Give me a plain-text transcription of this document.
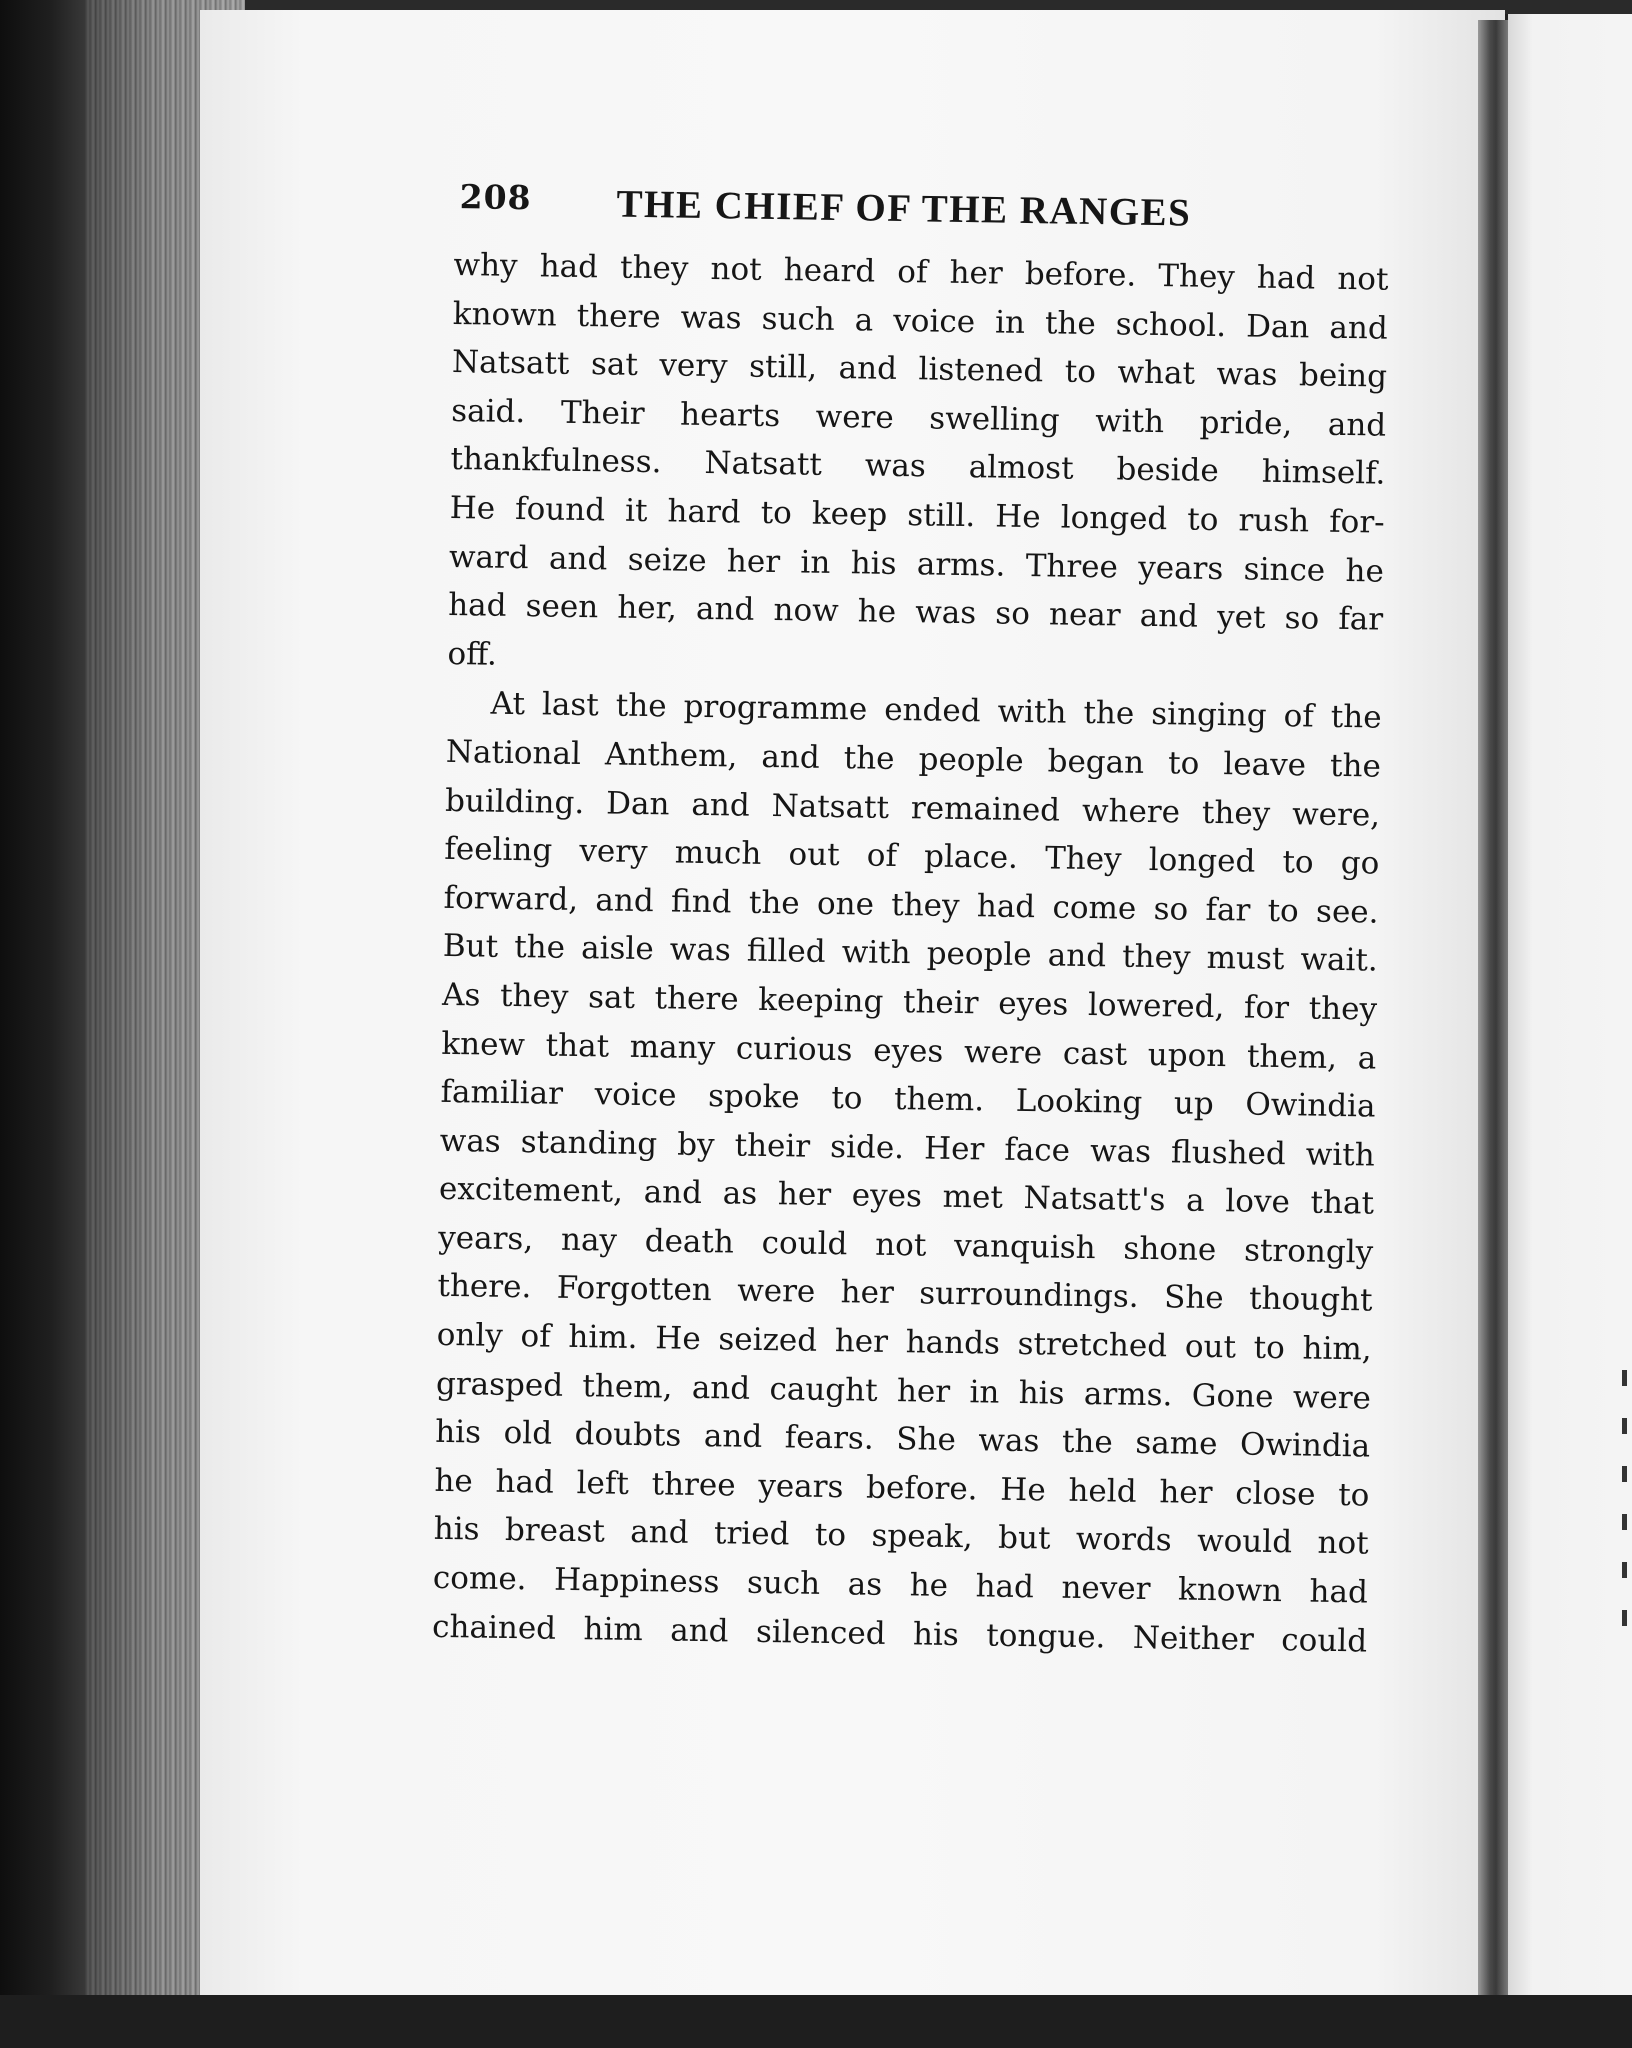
208 THE CHIEF OF THE RANGES

why had they not heard of her before. They had not
known there was such a voice in the school. Dan and
Natsatt sat very still, and listened to what was being
said. Their hearts were swelling with pride, and
thankfulness. Natsatt was almost beside himself.
He found it hard to keep still. He longed to rush for-
ward and seize her in his arms. Three years since he
had seen her, and now he was so near and yet so far
off.

At last the programme ended with the singing of the
National Anthem, and the people began to leave the
building. Dan and Natsatt remained where they were,
feeling very much out of place. They longed to go
forward, and find the one they had come so far to see.
But the aisle was filled with people and they must wait.
As they sat there keeping their eyes lowered, for they
knew that many curious eyes were cast upon them, a
familiar voice spoke to them. Looking up Owindia
was standing by their side. Her face was flushed with
excitement, and as her eyes met Natsatt's a love that
years, nay death could not vanquish shone strongly
there. Forgotten were her surroundings. She thought
only of him. He seized her hands stretched out to him,
grasped them, and caught her in his arms. Gone were
his old doubts and fears. She was the same Owindia
he had left three years before. He held her close to
his breast and tried to speak, but words would not
come. Happiness such as he had never known had
chained him and silenced his tongue. Neither could
